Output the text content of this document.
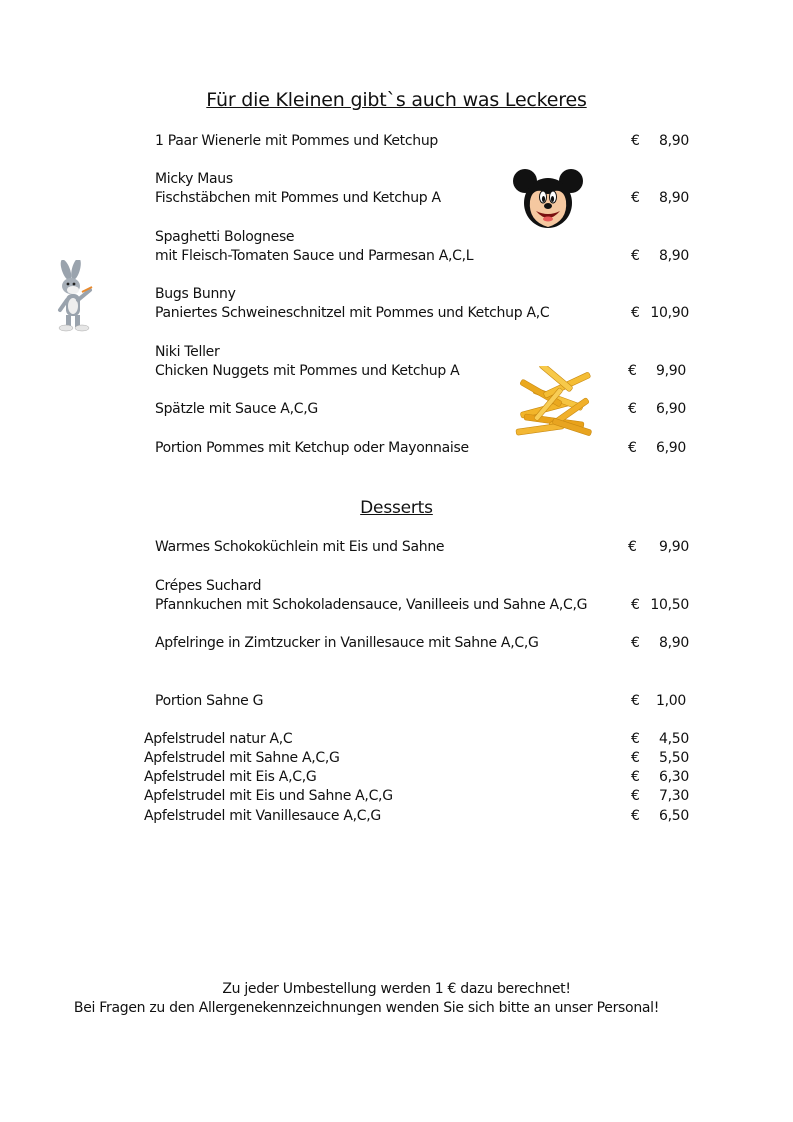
Für die Kleinen gibt`s auch was Leckeres
1 Paar Wienerle mit Pommes und Ketchup	€	8,90
Micky Maus
Fischstäbchen mit Pommes und Ketchup A	€	8,90
Spaghetti Bolognese
mit Fleisch-Tomaten Sauce und Parmesan A,C,L	€	8,90
Bugs Bunny
Paniertes Schweineschnitzel mit Pommes und Ketchup A,C	€ 10,90
Niki Teller
Chicken Nuggets mit Pommes und Ketchup A	€	9,90
Spätzle mit Sauce A,C,G	€	6,90
Portion Pommes mit Ketchup oder Mayonnaise	€	6,90
Desserts
Warmes Schokoküchlein mit Eis und Sahne	€	9,90
Crépes Suchard
Pfannkuchen mit Schokoladensauce, Vanilleeis und Sahne A,C,G	€ 10,50
Apfelringe in Zimtzucker in Vanillesauce mit Sahne A,C,G	€	8,90
Portion Sahne G	€	1,00
Apfelstrudel natur A,C	€	4,50
Apfelstrudel mit Sahne A,C,G	€	5,50
Apfelstrudel mit Eis A,C,G	€	6,30
Apfelstrudel mit Eis und Sahne A,C,G	€	7,30
Apfelstrudel mit Vanillesauce A,C,G	€	6,50
Zu jeder Umbestellung werden 1 € dazu berechnet!
Bei Fragen zu den Allergenekennzeichnungen wenden Sie sich bitte an unser Personal!
